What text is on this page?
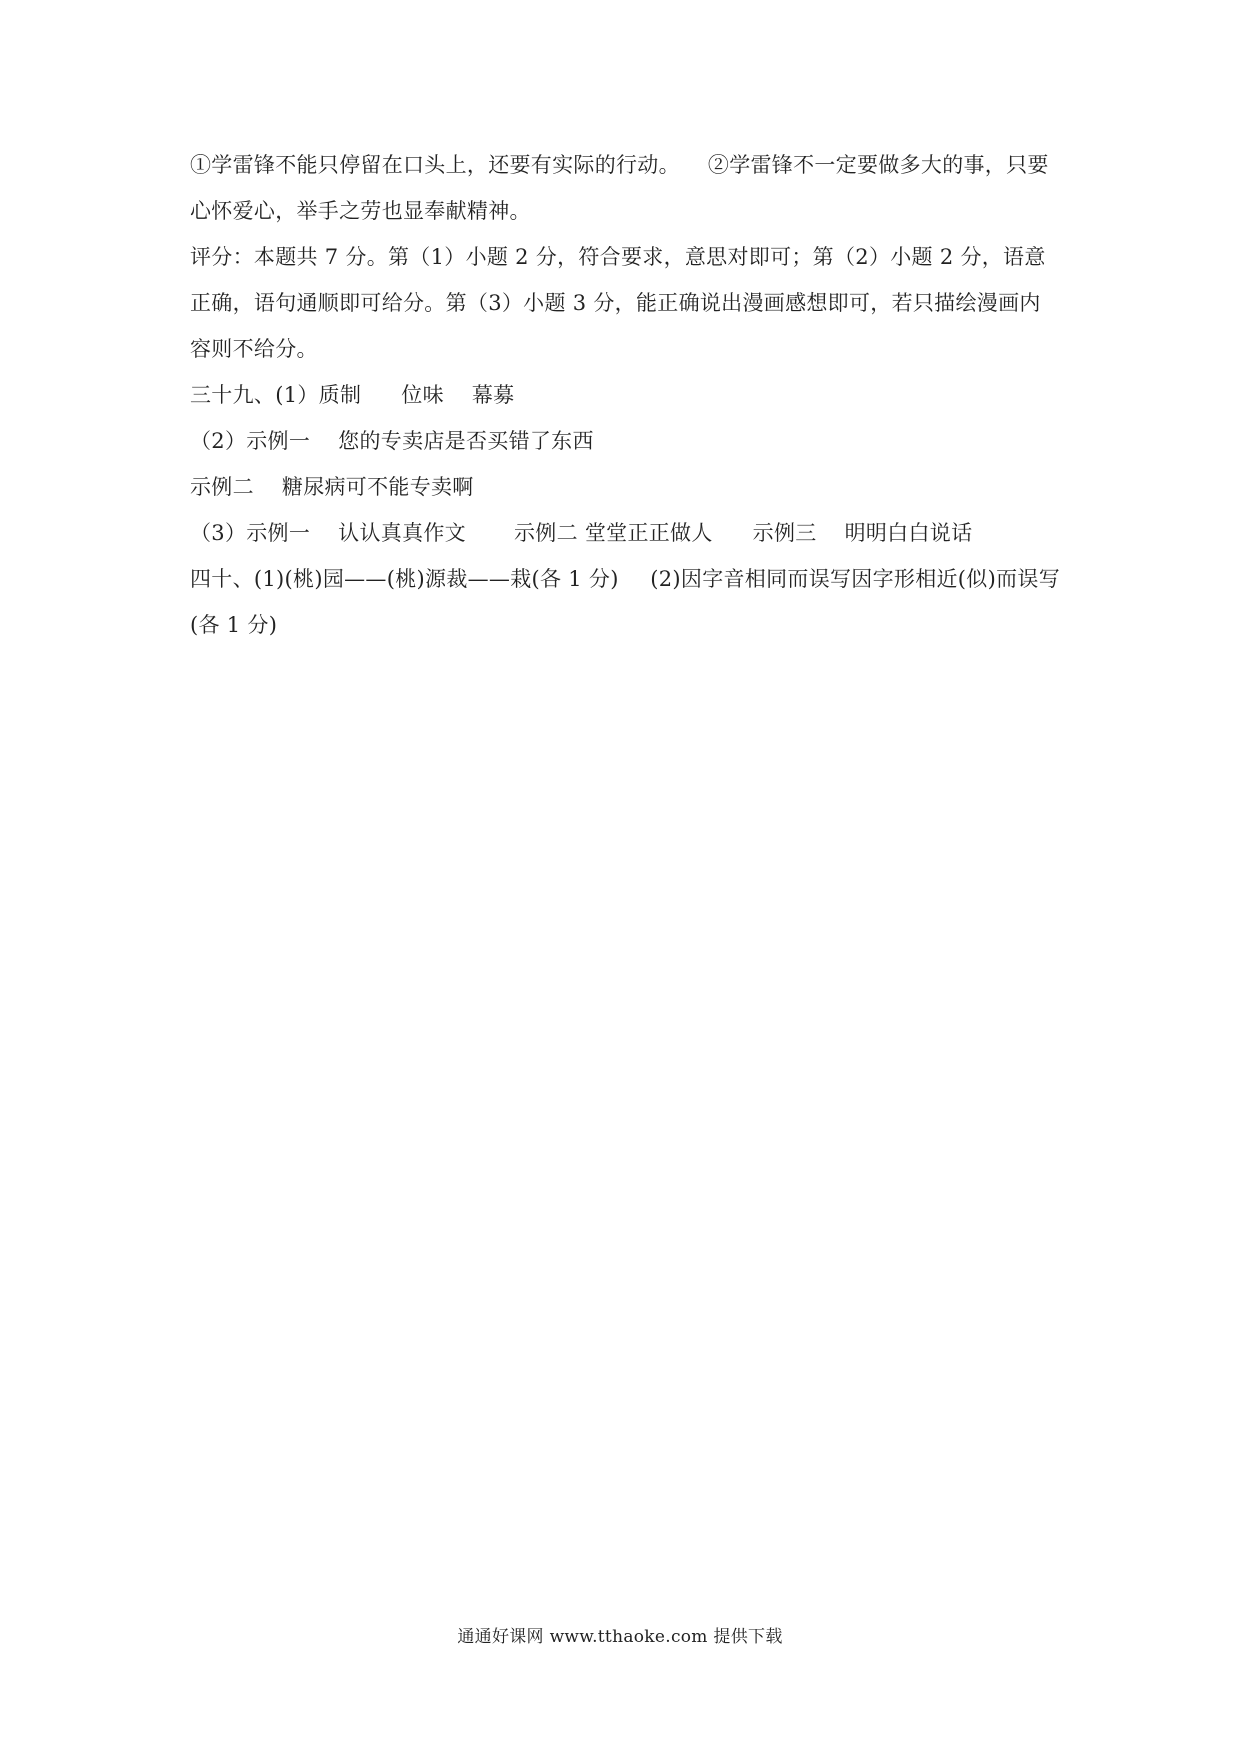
①学雷锋不能只停留在口头上，还要有实际的行动。 ②学雷锋不一定要做多大的事，只要
心怀爱心，举手之劳也显奉献精神。
评分：本题共 7 分。第（1）小题 2 分，符合要求，意思对即可；第（2）小题 2 分，语意
正确，语句通顺即可给分。第（3）小题 3 分，能正确说出漫画感想即可，若只描绘漫画内
容则不给分。
三十九、(1）质制 位味 幕募
（2）示例一 您的专卖店是否买错了东西
示例二 糖尿病可不能专卖啊
（3）示例一 认认真真作文 示例二 堂堂正正做人 示例三 明明白白说话
四十、(1)(桃)园——(桃)源裁——栽(各 1 分) (2)因字音相同而误写因字形相近(似)而误写
(各 1 分)
通通好课网 www.tthaoke.com 提供下载
